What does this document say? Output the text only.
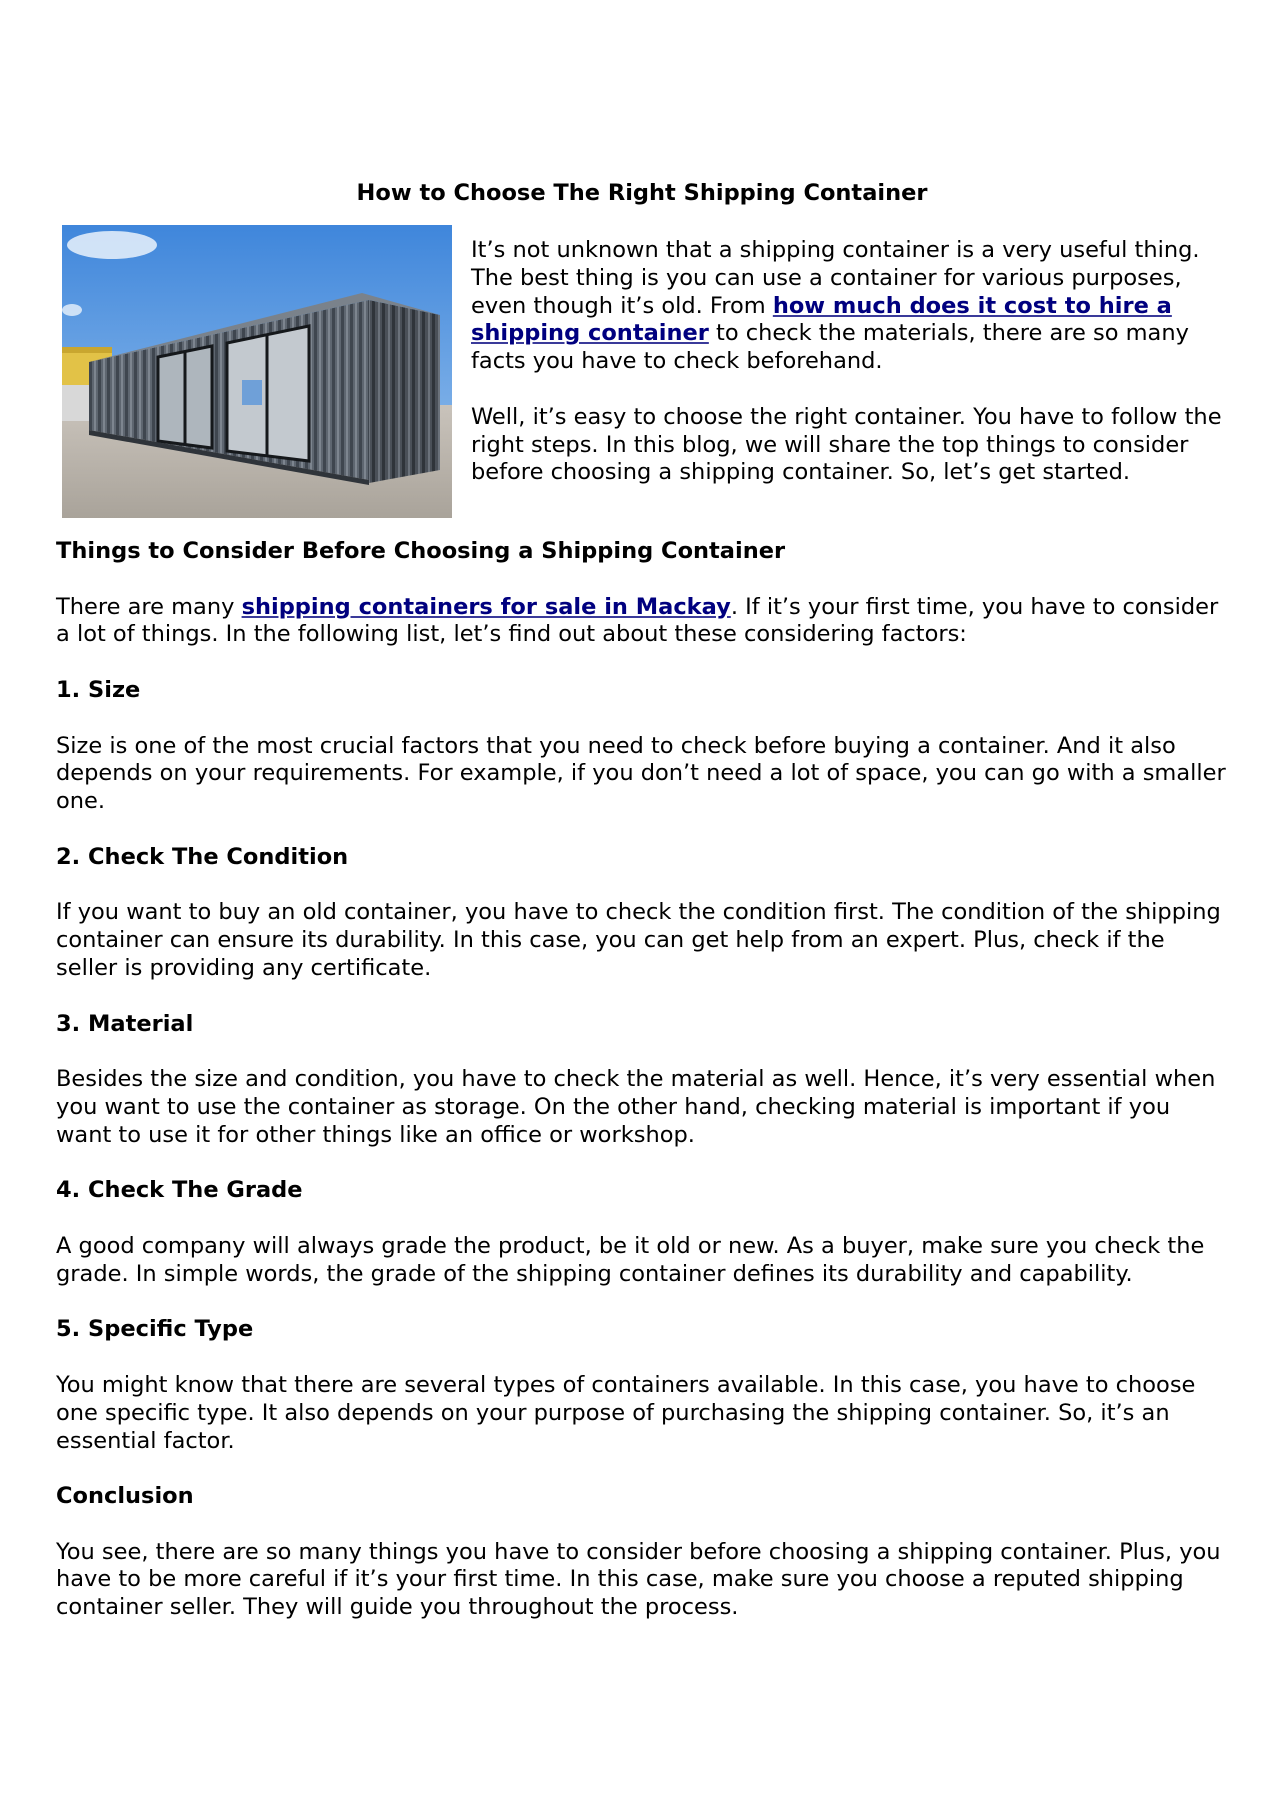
How to Choose The Right Shipping Container

It’s not unknown that a shipping container is a very useful thing. The best thing is you can use a container for various purposes, even though it’s old. From how much does it cost to hire a shipping container to check the materials, there are so many facts you have to check beforehand.

Well, it’s easy to choose the right container. You have to follow the right steps. In this blog, we will share the top things to consider before choosing a shipping container. So, let’s get started.

Things to Consider Before Choosing a Shipping Container

There are many shipping containers for sale in Mackay. If it’s your first time, you have to consider a lot of things. In the following list, let’s find out about these considering factors:

1. Size

Size is one of the most crucial factors that you need to check before buying a container. And it also depends on your requirements. For example, if you don’t need a lot of space, you can go with a smaller one.

2. Check The Condition

If you want to buy an old container, you have to check the condition first. The condition of the shipping container can ensure its durability. In this case, you can get help from an expert. Plus, check if the seller is providing any certificate.

3. Material

Besides the size and condition, you have to check the material as well. Hence, it’s very essential when you want to use the container as storage. On the other hand, checking material is important if you want to use it for other things like an office or workshop.

4. Check The Grade

A good company will always grade the product, be it old or new. As a buyer, make sure you check the grade. In simple words, the grade of the shipping container defines its durability and capability.

5. Specific Type

You might know that there are several types of containers available. In this case, you have to choose one specific type. It also depends on your purpose of purchasing the shipping container. So, it’s an essential factor.

Conclusion

You see, there are so many things you have to consider before choosing a shipping container. Plus, you have to be more careful if it’s your first time. In this case, make sure you choose a reputed shipping container seller. They will guide you throughout the process.
